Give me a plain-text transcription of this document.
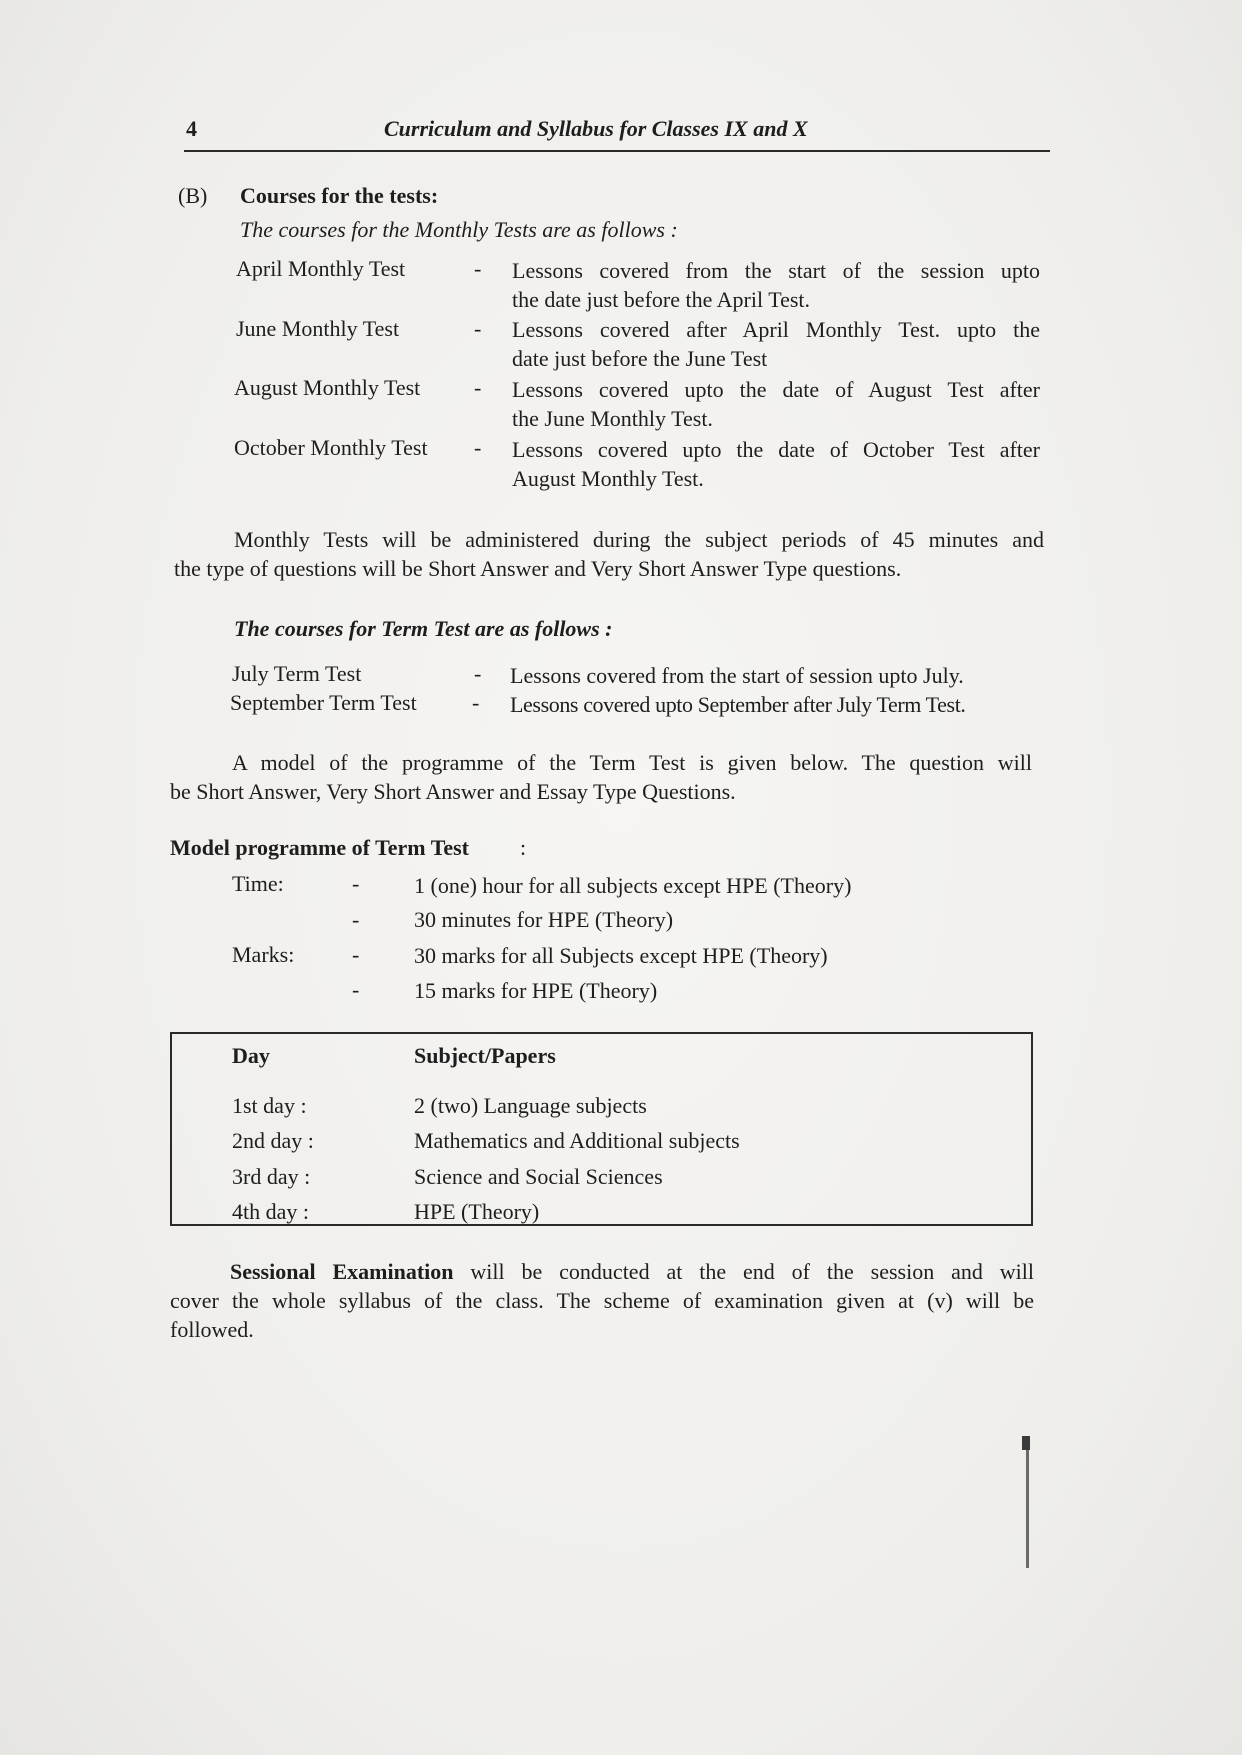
4	Curriculum and Syllabus for Classes IX and X
(B) Courses for the tests:
The courses for the Monthly Tests are as follows :
April Monthly Test	- Lessons covered from the start of the session upto
the date just before the April Test.
June Monthly Test	- Lessons covered after April Monthly Test. upto the
date just before the June Test
August Monthly Test - Lessons covered upto the date of August Test after
the June Monthly Test.
October Monthly Test - Lessons covered upto the date of October Test after
August Monthly Test.
Monthly Tests will be administered during the subject periods of 45 minutes and
the type of questions will be Short Answer and Very Short Answer Type questions.
The courses for Term Test are as follows :
July Term Test	- Lessons covered from the start of session upto July.
September Term Test	- Lessons covered upto September after July Term Test.
A model of the programme of the Term Test is given below. The question will
be Short Answer, Very Short Answer and Essay Type Questions.
Model programme of Term Test :
Time:	- 1 (one) hour for all subjects except HPE (Theory)
- 30 minutes for HPE (Theory)
Marks:	- 30 marks for all Subjects except HPE (Theory)
- 15 marks for HPE (Theory)
Day	Subject/Papers
1st day :	2 (two) Language subjects
2nd day :	Mathematics and Additional subjects
3rd day :	Science and Social Sciences
4th day :	HPE (Theory)
Sessional Examination will be conducted at the end of the session and will
cover the whole syllabus of the class. The scheme of examination given at (v) will be
followed.
